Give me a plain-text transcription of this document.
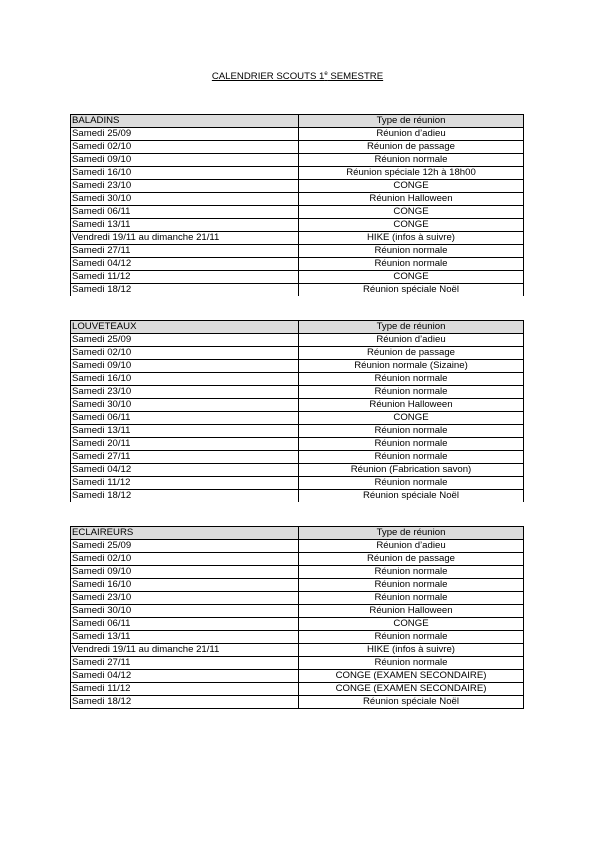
CALENDRIER SCOUTS 1e SEMESTRE
BALADINS	Type de réunion
Samedi 25/09	Réunion d’adieu
Samedi 02/10	Réunion de passage
Samedi 09/10	Réunion normale
Samedi 16/10	Réunion spéciale 12h à 18h00
Samedi 23/10	CONGE
Samedi 30/10	Réunion Halloween
Samedi 06/11	CONGE
Samedi 13/11	CONGE
Vendredi 19/11 au dimanche 21/11	HIKE (infos à suivre)
Samedi 27/11	Réunion normale
Samedi 04/12	Réunion normale
Samedi 11/12	CONGE
Samedi 18/12	Réunion spéciale Noël
LOUVETEAUX	Type de réunion
Samedi 25/09	Réunion d’adieu
Samedi 02/10	Réunion de passage
Samedi 09/10	Réunion normale (Sizaine)
Samedi 16/10	Réunion normale
Samedi 23/10	Réunion normale
Samedi 30/10	Réunion Halloween
Samedi 06/11	CONGE
Samedi 13/11	Réunion normale
Samedi 20/11	Réunion normale
Samedi 27/11	Réunion normale
Samedi 04/12	Réunion (Fabrication savon)
Samedi 11/12	Réunion normale
Samedi 18/12	Réunion spéciale Noël
ECLAIREURS	Type de réunion
Samedi 25/09	Réunion d’adieu
Samedi 02/10	Réunion de passage
Samedi 09/10	Réunion normale
Samedi 16/10	Réunion normale
Samedi 23/10	Réunion normale
Samedi 30/10	Réunion Halloween
Samedi 06/11	CONGE
Samedi 13/11	Réunion normale
Vendredi 19/11 au dimanche 21/11	HIKE (infos à suivre)
Samedi 27/11	Réunion normale
Samedi 04/12	CONGE (EXAMEN SECONDAIRE)
Samedi 11/12	CONGE (EXAMEN SECONDAIRE)
Samedi 18/12	Réunion spéciale Noël
